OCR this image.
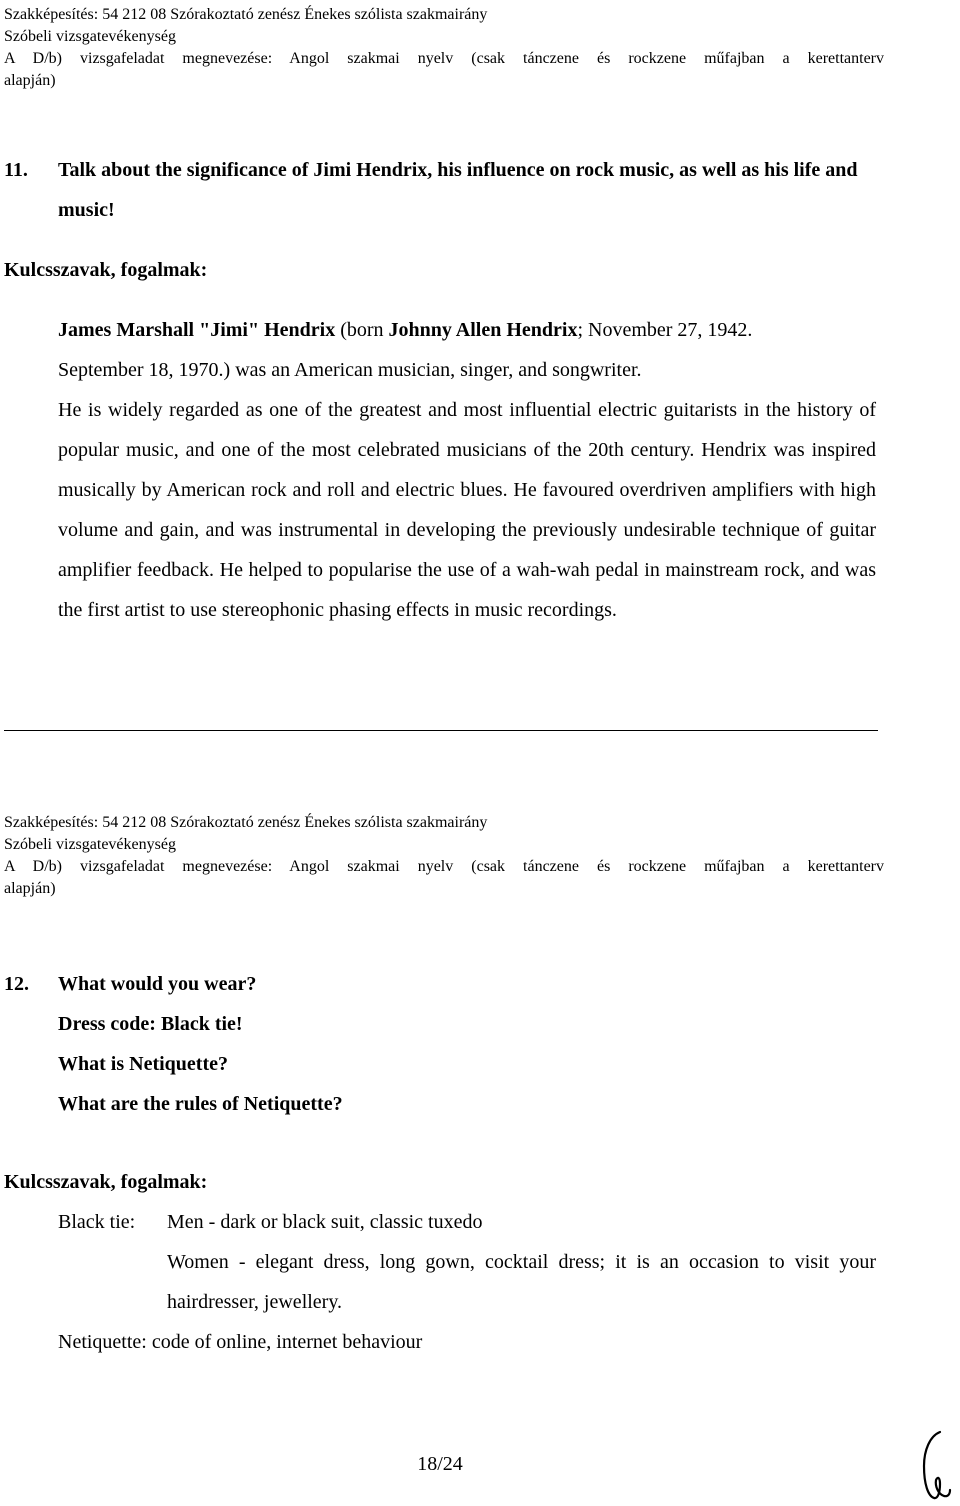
Szakképesítés: 54 212 08 Szórakoztató zenész Énekes szólista szakmairány
Szóbeli vizsgatevékenység
A D/b) vizsgafeladat megnevezése: Angol szakmai nyelv (csak tánczene és rockzene műfajban a kerettanterv
alapján)
11. Talk about the significance of Jimi Hendrix, his influence on rock music, as well as his life and music!
Kulcsszavak, fogalmak:
James Marshall "Jimi" Hendrix (born Johnny Allen Hendrix; November 27, 1942.
September 18, 1970.) was an American musician, singer, and songwriter.
He is widely regarded as one of the greatest and most influential electric guitarists in the history of popular music, and one of the most celebrated musicians of the 20th century. Hendrix was inspired musically by American rock and roll and electric blues. He favoured overdriven amplifiers with high volume and gain, and was instrumental in developing the previously undesirable technique of guitar amplifier feedback. He helped to popularise the use of a wah-wah pedal in mainstream rock, and was the first artist to use stereophonic phasing effects in music recordings.
Szakképesítés: 54 212 08 Szórakoztató zenész Énekes szólista szakmairány
Szóbeli vizsgatevékenység
A D/b) vizsgafeladat megnevezése: Angol szakmai nyelv (csak tánczene és rockzene műfajban a kerettanterv
alapján)
12. What would you wear?
Dress code: Black tie!
What is Netiquette?
What are the rules of Netiquette?
Kulcsszavak, fogalmak:
Black tie: Men - dark or black suit, classic tuxedo
Women - elegant dress, long gown, cocktail dress; it is an occasion to visit your hairdresser, jewellery.
Netiquette: code of online, internet behaviour
18/24
